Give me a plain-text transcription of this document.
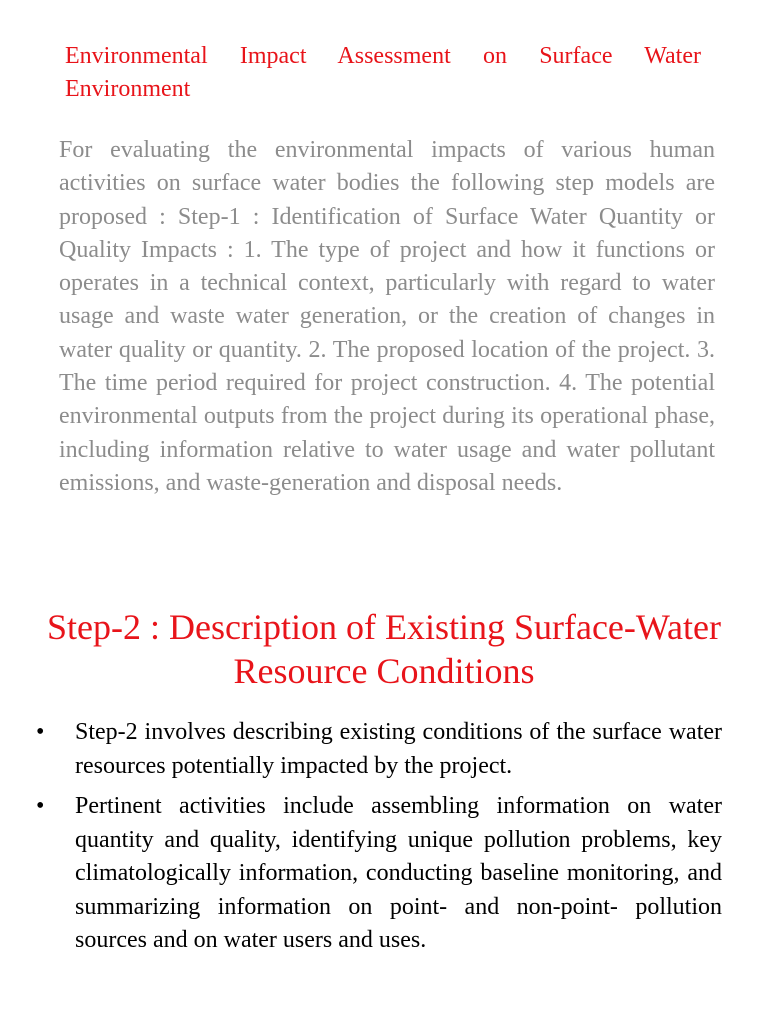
Environmental Impact Assessment on Surface Water Environment

For evaluating the environmental impacts of various human activities on surface water bodies the following step models are proposed : Step-1 : Identification of Surface Water Quantity or Quality Impacts : 1. The type of project and how it functions or operates in a technical context, particularly with regard to water usage and waste water generation, or the creation of changes in water quality or quantity. 2. The proposed location of the project. 3. The time period required for project construction. 4. The potential environmental outputs from the project during its operational phase, including information relative to water usage and water pollutant emissions, and waste-generation and disposal needs.

Step-2 : Description of Existing Surface-Water Resource Conditions
•	Step-2 involves describing existing conditions of the surface water resources potentially impacted by the project.
•	Pertinent activities include assembling information on water quantity and quality, identifying unique pollution problems, key climatologically information, conducting baseline monitoring, and summarizing information on point- and non-point- pollution sources and on water users and uses.
